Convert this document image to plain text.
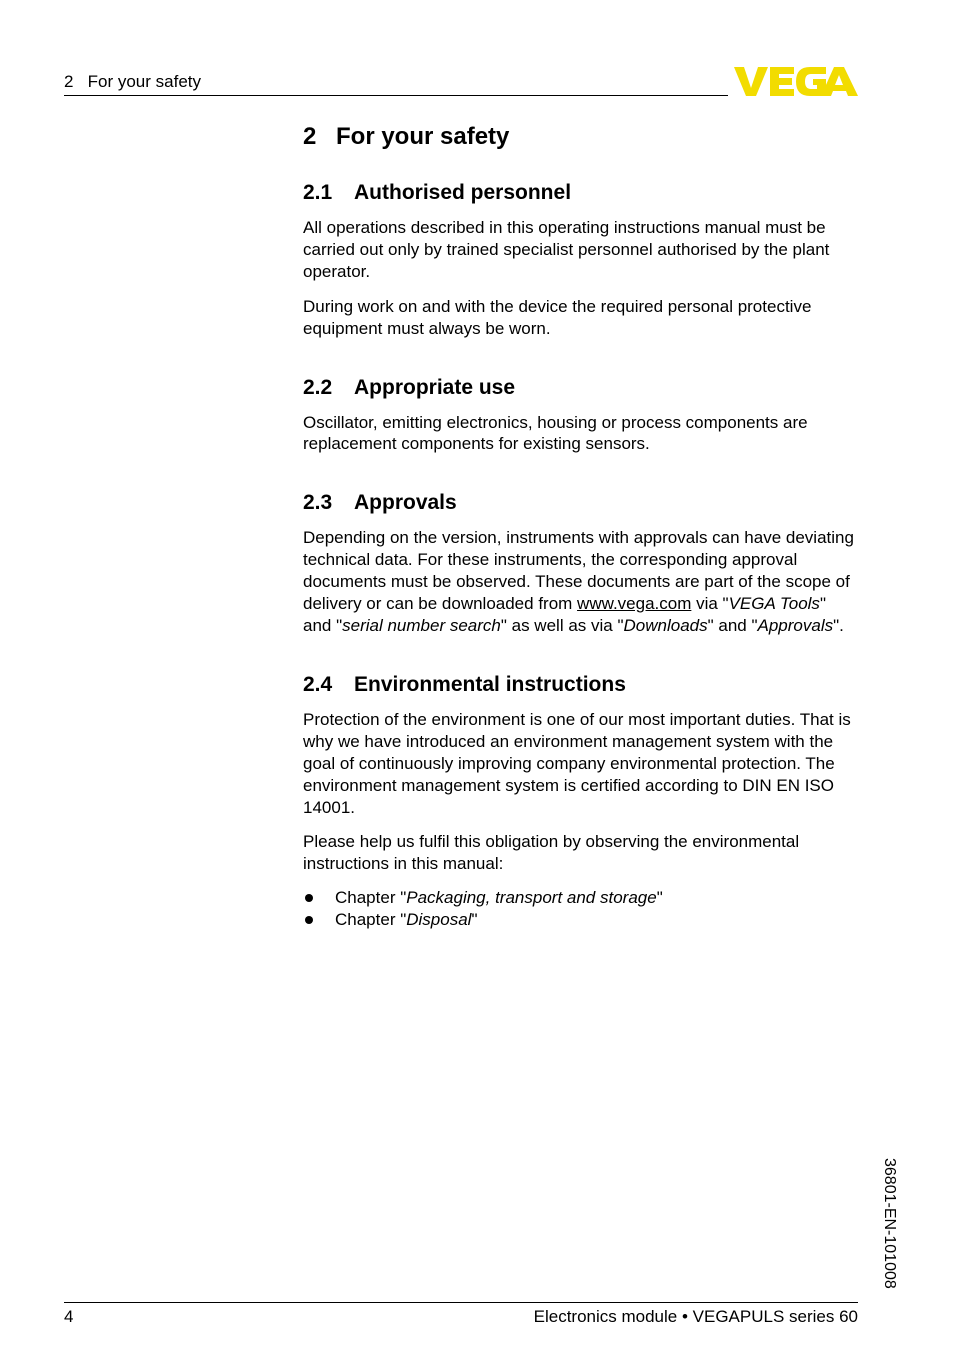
2   For your safety
2 For your safety
2.1 Authorised personnel

All operations described in this operating instructions manual must be carried out only by trained specialist personnel authorised by the plant operator.

During work on and with the device the required personal protective equipment must always be worn.

2.2 Appropriate use

Oscillator, emitting electronics, housing or process components are replacement components for existing sensors.

2.3 Approvals

Depending on the version, instruments with approvals can have deviating technical data. For these instruments, the corresponding approval documents must be observed. These documents are part of the scope of delivery or can be downloaded from www.vega.com via "VEGA Tools" and "serial number search" as well as via "Downloads" and "Approvals".

2.4 Environmental instructions

Protection of the environment is one of our most important duties. That is why we have introduced an environment management system with the goal of continuously improving company environmental protection. The environment management system is certified according to DIN EN ISO 14001.

Please help us fulfil this obligation by observing the environmental instructions in this manual:

Chapter "Packaging, transport and storage"
Chapter "Disposal"
36801-EN-101008
4	Electronics module • VEGAPULS series 60
